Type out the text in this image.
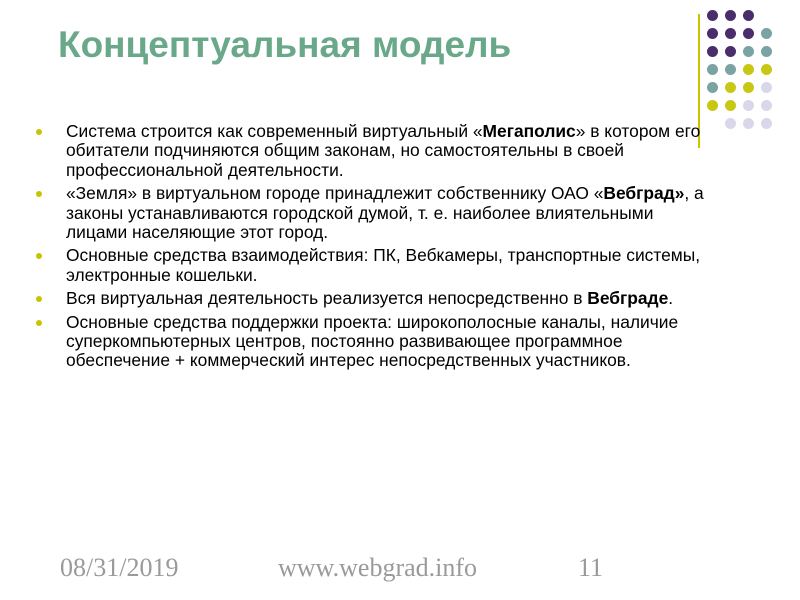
Концептуальная модель
Система строится как современный виртуальный «Мегаполис» в котором его обитатели подчиняются общим законам, но самостоятельны в своей профессиональной деятельности.
«Земля» в виртуальном городе принадлежит собственнику ОАО «Вебград», а законы устанавливаются городской думой, т. е. наиболее влиятельными лицами населяющие этот город.
Основные средства взаимодействия: ПК, Вебкамеры, транспортные системы, электронные кошельки.
Вся виртуальная деятельность реализуется непосредственно в Вебграде.
Основные средства поддержки проекта: широкополосные каналы, наличие суперкомпьютерных центров, постоянно развивающее программное обеспечение + коммерческий интерес непосредственных участников.
08/31/2019	www.webgrad.info	11
